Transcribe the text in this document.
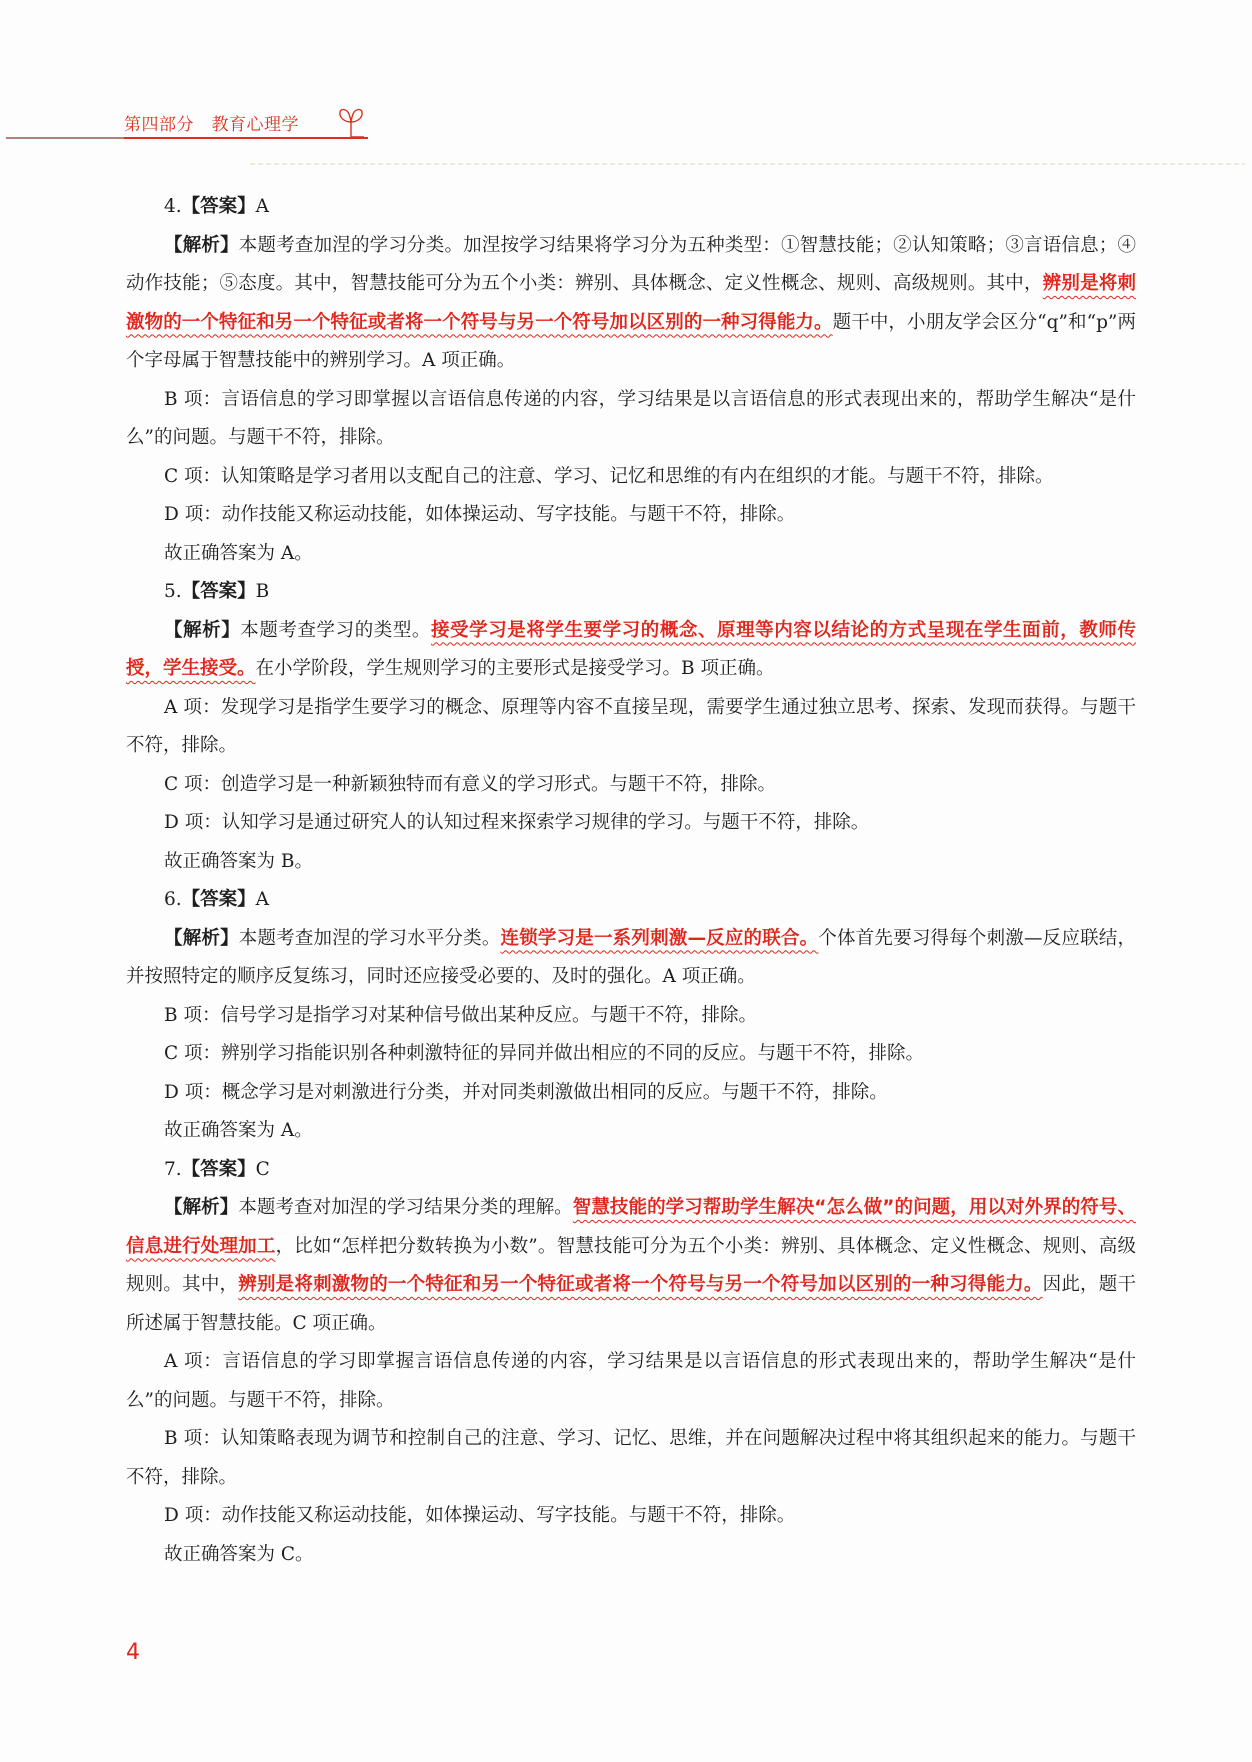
第四部分　教育心理学

4.【答案】A

【解析】本题考查加涅的学习分类。加涅按学习结果将学习分为五种类型：①智慧技能；②认知策略；③言语信息；④动作技能；⑤态度。其中，智慧技能可分为五个小类：辨别、具体概念、定义性概念、规则、高级规则。其中，辨别是将刺激物的一个特征和另一个特征或者将一个符号与另一个符号加以区别的一种习得能力。题干中，小朋友学会区分“q”和“p”两个字母属于智慧技能中的辨别学习。A 项正确。

B 项：言语信息的学习即掌握以言语信息传递的内容，学习结果是以言语信息的形式表现出来的，帮助学生解决“是什么”的问题。与题干不符，排除。

C 项：认知策略是学习者用以支配自己的注意、学习、记忆和思维的有内在组织的才能。与题干不符，排除。

D 项：动作技能又称运动技能，如体操运动、写字技能。与题干不符，排除。

故正确答案为 A。

5.【答案】B

【解析】本题考查学习的类型。接受学习是将学生要学习的概念、原理等内容以结论的方式呈现在学生面前，教师传授，学生接受。在小学阶段，学生规则学习的主要形式是接受学习。B 项正确。

A 项：发现学习是指学生要学习的概念、原理等内容不直接呈现，需要学生通过独立思考、探索、发现而获得。与题干不符，排除。

C 项：创造学习是一种新颖独特而有意义的学习形式。与题干不符，排除。

D 项：认知学习是通过研究人的认知过程来探索学习规律的学习。与题干不符，排除。

故正确答案为 B。

6.【答案】A

【解析】本题考查加涅的学习水平分类。连锁学习是一系列刺激—反应的联合。个体首先要习得每个刺激—反应联结，并按照特定的顺序反复练习，同时还应接受必要的、及时的强化。A 项正确。

B 项：信号学习是指学习对某种信号做出某种反应。与题干不符，排除。

C 项：辨别学习指能识别各种刺激特征的异同并做出相应的不同的反应。与题干不符，排除。

D 项：概念学习是对刺激进行分类，并对同类刺激做出相同的反应。与题干不符，排除。

故正确答案为 A。

7.【答案】C

【解析】本题考查对加涅的学习结果分类的理解。智慧技能的学习帮助学生解决“怎么做”的问题，用以对外界的符号、信息进行处理加工，比如“怎样把分数转换为小数”。智慧技能可分为五个小类：辨别、具体概念、定义性概念、规则、高级规则。其中，辨别是将刺激物的一个特征和另一个特征或者将一个符号与另一个符号加以区别的一种习得能力。因此，题干所述属于智慧技能。C 项正确。

A 项：言语信息的学习即掌握言语信息传递的内容，学习结果是以言语信息的形式表现出来的，帮助学生解决“是什么”的问题。与题干不符，排除。

B 项：认知策略表现为调节和控制自己的注意、学习、记忆、思维，并在问题解决过程中将其组织起来的能力。与题干不符，排除。

D 项：动作技能又称运动技能，如体操运动、写字技能。与题干不符，排除。

故正确答案为 C。

4
